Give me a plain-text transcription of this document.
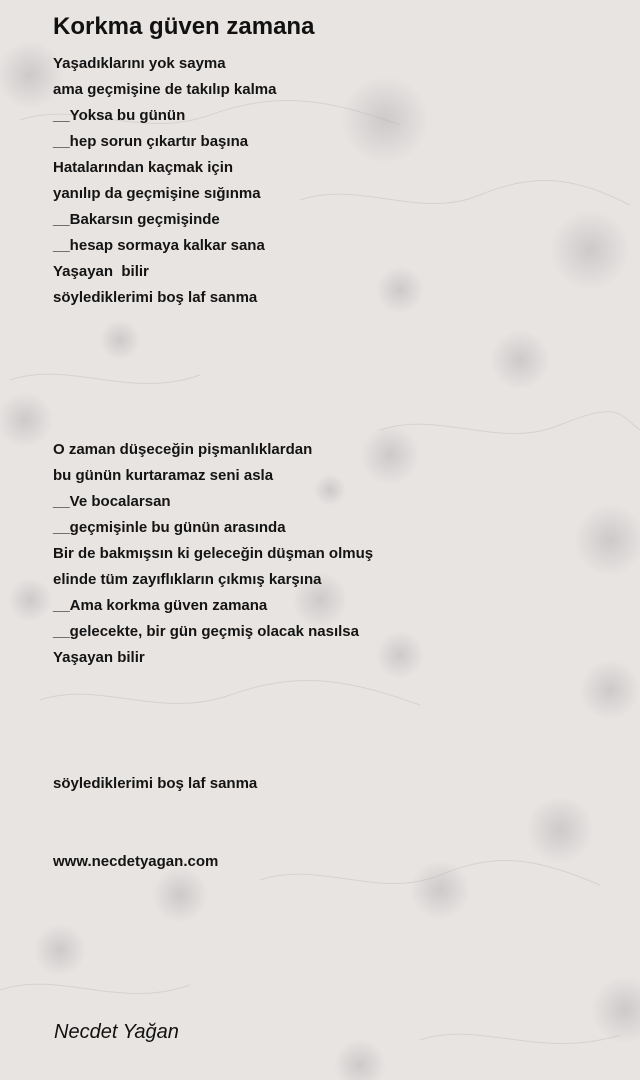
Korkma güven zamana
Yaşadıklarını yok sayma
ama geçmişine de takılıp kalma
__Yoksa bu günün
__hep sorun çıkartır başına
Hatalarından kaçmak için
yanılıp da geçmişine sığınma
__Bakarsın geçmişinde
__hesap sormaya kalkar sana
Yaşayan  bilir
söylediklerimi boş laf sanma
O zaman düşeceğin pişmanlıklardan
bu günün kurtaramaz seni asla
__Ve bocalarsan
__geçmişinle bu günün arasında
Bir de bakmışsın ki geleceğin düşman olmuş
elinde tüm zayıflıkların çıkmış karşına
__Ama korkma güven zamana
__gelecekte, bir gün geçmiş olacak nasılsa
Yaşayan bilir
söylediklerimi boş laf sanma
www.necdetyagan.com
Necdet Yağan
